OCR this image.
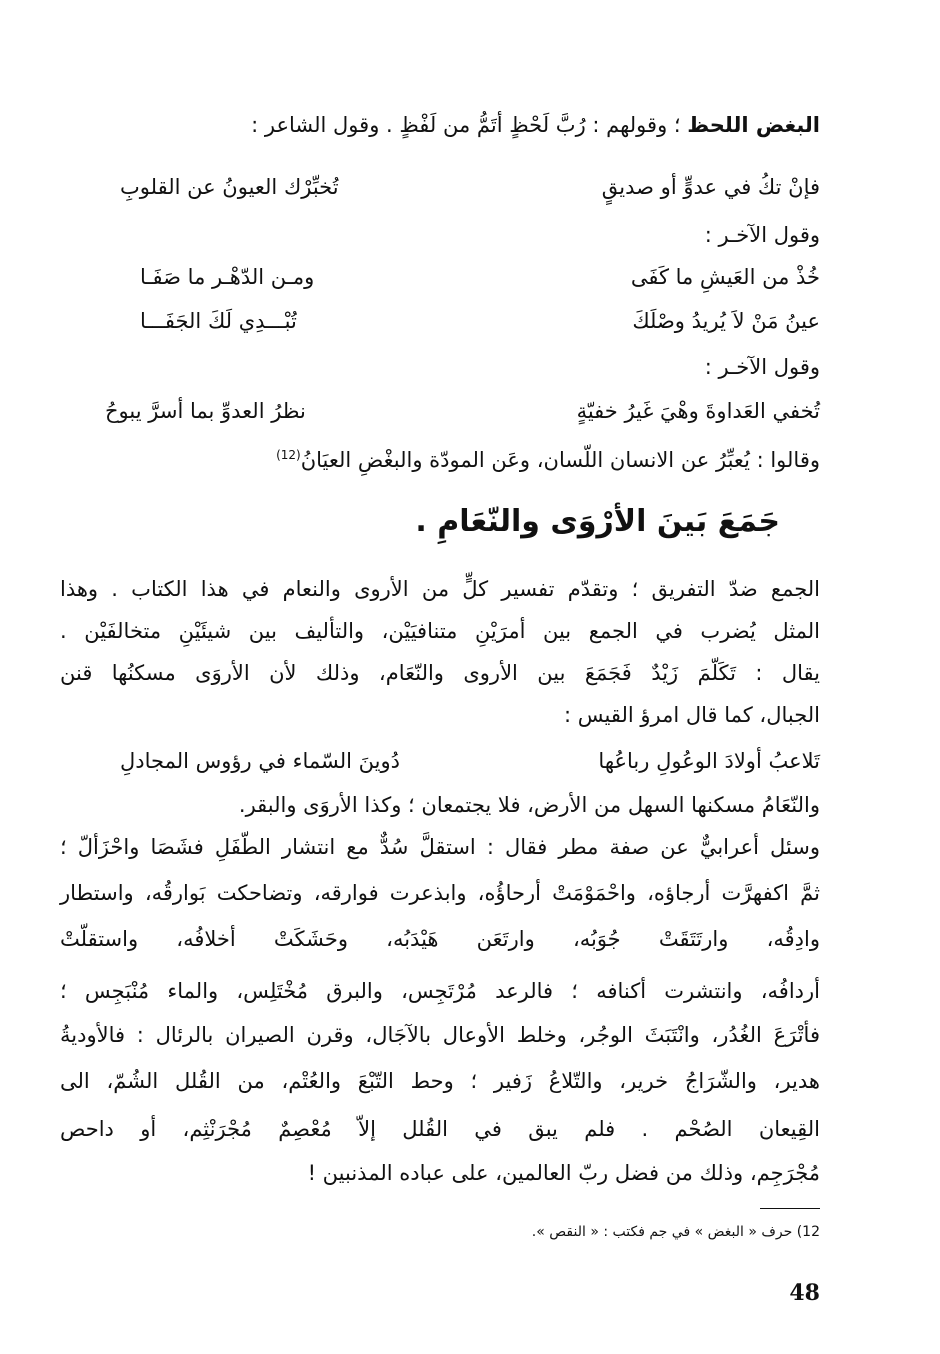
البغض اللحظ ؛ وقولهم : رُبَّ لَحْظٍ أتَمُّ من لَفْظٍ . وقول الشاعر :
فإنْ تكُ في عدوٍّ أو صديقٍ
تُخبِّرْك العيونُ عن القلوبِ
وقول الآخـر :
خُذْ من العَيشِ ما كَفَى
ومـن الدّهْـر ما صَفَـا
عينُ مَنْ لاَ يُريدُ وصْلَكَ
تُبْـــدِي لَكَ الجَفَـــا
وقول الآخـر :
تُخفي العَداوةَ وهْيَ غَيرُ خفيّةٍ
نظرُ العدوِّ بما أسرَّ يبوحُ
وقالوا : يُعبِّرُ عن الانسان اللّسان، وعَن المودّة والبغْضِ العيَانُ$^{(12)}$
جَمَعَ بَينَ الأرْوَى والنّعَامِ .
الجمع ضدّ التفريق ؛ وتقدّم تفسير كلٍّ من الأروى والنعام في هذا الكتاب . وهذا
المثل يُضرب في الجمع بين أمرَيْنِ متنافيَيْن، والتأليف بين شيئَيْنِ متخالفَيْن .
يقال : تَكَلّمَ زَيْدٌ فَجَمَعَ بين الأروى والنّعَام، وذلك لأن الأروَى مسكنُها قنن
الجبال، كما قال امرؤ القيس :
تَلاعبُ أولادَ الوعُولِ رباعُها
دُوينَ السّماء في رؤوس المجادلِ
والنّعَامُ مسكنها السهل من الأرض، فلا يجتمعان ؛ وكذا الأروَى والبقر.
وسئل أعرابيٌّ عن صفة مطر فقال : استقلَّ سُدٌّ مع انتشار الطّفَلِ فشَصَا واحْزَألّ ؛
ثمَّ اكفهرَّت أرجاؤه، واحْمَوْمَتْ أرحاؤُه، وابذعرت فوارقه، وتضاحكت بَوارقُه، واستطار
وادِقُه، وارتَتَقَتْ جُوَبُه، وارتَعَن هَيْدَبُه، وحَشَكَتْ أخلافُه، واستقلّتْ
أردافُه، وانتشرت أكنافه ؛ فالرعد مُرْتَجِس، والبرق مُخْتَلِس، والماء مُنْبَجِس ؛
فأتْرَعَ الغُدُر، وانْتَبَثَ الوجُر، وخلط الأوعال بالآجَال، وقرن الصيران بالرئال : فالأوديةُ
هدير، والشّرَاجُ خرير، والتّلاعُ زَفير ؛ وحط التّبْعَ والعُتْم، من القُلل الشُمّ، الى
القِيعان الصُحْم . فلم يبق في القُلل إلاّ مُعْصِمٌ مُجْرَنْثِم، أو داحص
مُجْرَجِم، وذلك من فضل ربّ العالمين، على عباده المذنبين !
12) حرف « البغض » في جم فكتب : « النقص ».
48
